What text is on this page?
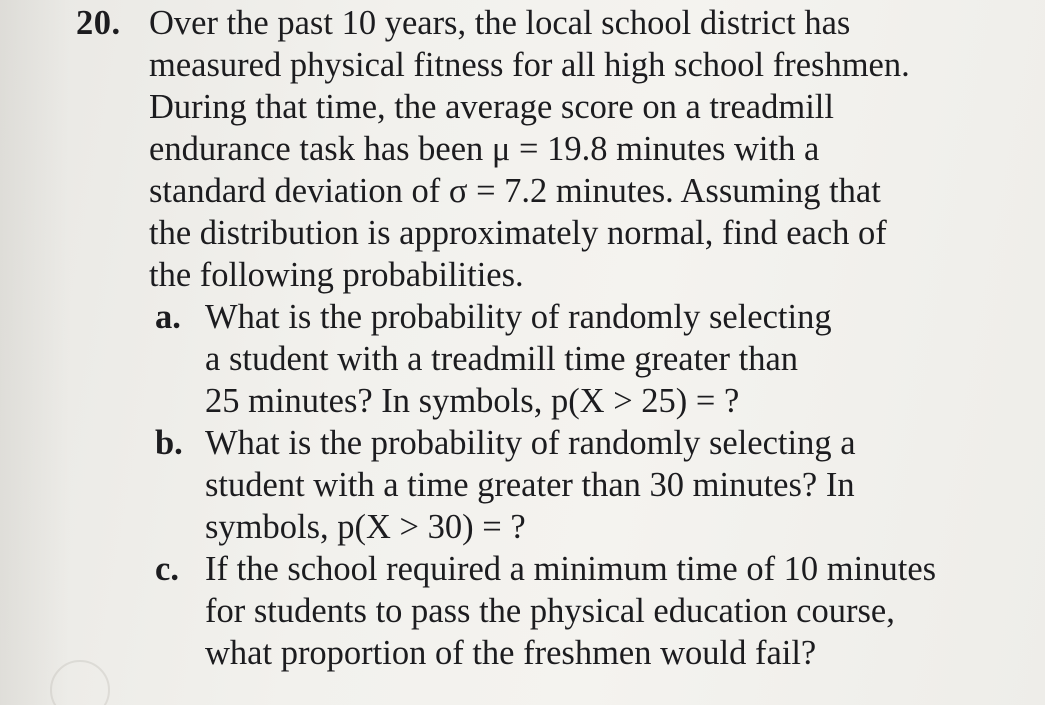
20. Over the past 10 years, the local school district has
measured physical fitness for all high school freshmen.
During that time, the average score on a treadmill
endurance task has been μ = 19.8 minutes with a
standard deviation of σ = 7.2 minutes. Assuming that
the distribution is approximately normal, find each of
the following probabilities.
a. What is the probability of randomly selecting
a student with a treadmill time greater than
25 minutes? In symbols, p(X > 25) = ?
b. What is the probability of randomly selecting a
student with a time greater than 30 minutes? In
symbols, p(X > 30) = ?
c. If the school required a minimum time of 10 minutes
for students to pass the physical education course,
what proportion of the freshmen would fail?
